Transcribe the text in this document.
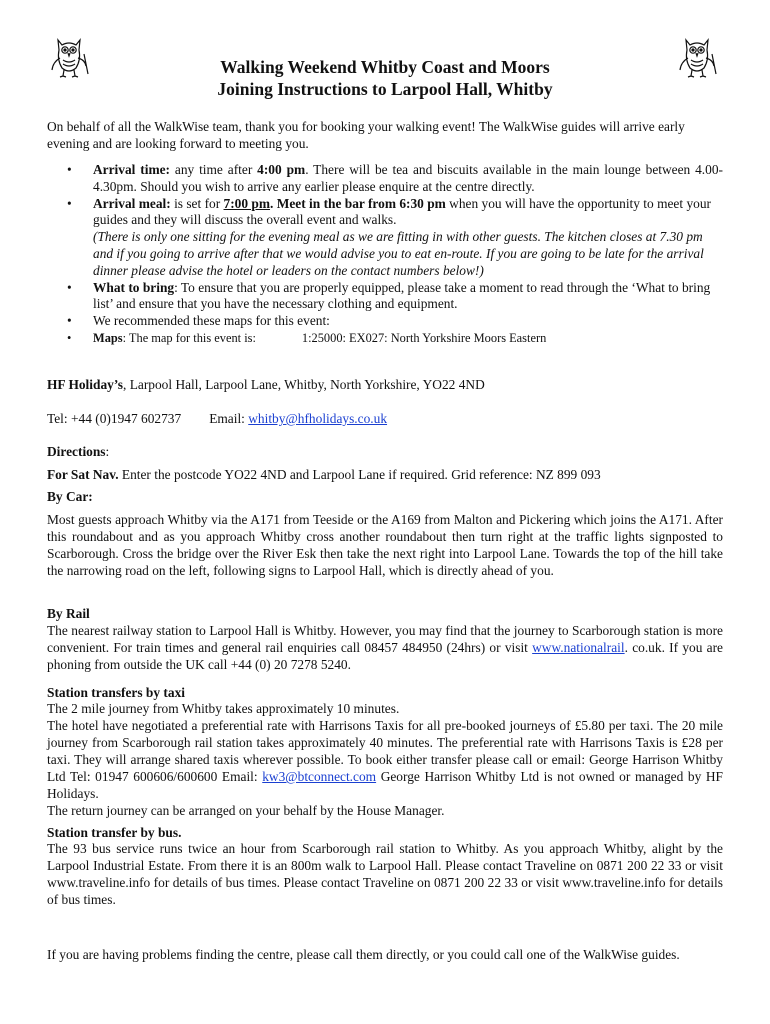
Walking Weekend Whitby Coast and Moors
Joining Instructions to Larpool Hall, Whitby
On behalf of all the WalkWise team, thank you for booking your walking event! The WalkWise guides will arrive early evening and are looking forward to meeting you.
• Arrival time: any time after 4:00 pm. There will be tea and biscuits available in the main lounge between 4.00-4.30pm. Should you wish to arrive any earlier please enquire at the centre directly.
• Arrival meal: is set for 7:00 pm. Meet in the bar from 6:30 pm when you will have the opportunity to meet your guides and they will discuss the overall event and walks.
(There is only one sitting for the evening meal as we are fitting in with other guests. The kitchen closes at 7.30 pm and if you going to arrive after that we would advise you to eat en-route. If you are going to be late for the arrival dinner please advise the hotel or leaders on the contact numbers below!)
• What to bring: To ensure that you are properly equipped, please take a moment to read through the ‘What to bring list’ and ensure that you have the necessary clothing and equipment.
• We recommended these maps for this event:
• Maps: The map for this event is:	1:25000: EX027: North Yorkshire Moors Eastern
HF Holiday’s, Larpool Hall, Larpool Lane, Whitby, North Yorkshire, YO22 4ND
Tel: +44 (0)1947 602737 Email: whitby@hfholidays.co.uk
Directions:
For Sat Nav. Enter the postcode YO22 4ND and Larpool Lane if required. Grid reference: NZ 899 093
By Car:
Most guests approach Whitby via the A171 from Teeside or the A169 from Malton and Pickering which joins the A171. After this roundabout and as you approach Whitby cross another roundabout then turn right at the traffic lights signposted to Scarborough. Cross the bridge over the River Esk then take the next right into Larpool Lane. Towards the top of the hill take the narrowing road on the left, following signs to Larpool Hall, which is directly ahead of you.
By Rail
The nearest railway station to Larpool Hall is Whitby. However, you may find that the journey to Scarborough station is more convenient. For train times and general rail enquiries call 08457 484950 (24hrs) or visit www.nationalrail. co.uk. If you are phoning from outside the UK call +44 (0) 20 7278 5240.
Station transfers by taxi
The 2 mile journey from Whitby takes approximately 10 minutes.
The hotel have negotiated a preferential rate with Harrisons Taxis for all pre-booked journeys of £5.80 per taxi. The 20 mile journey from Scarborough rail station takes approximately 40 minutes. The preferential rate with Harrisons Taxis is £28 per taxi. They will arrange shared taxis wherever possible. To book either transfer please call or email: George Harrison Whitby Ltd Tel: 01947 600606/600600 Email: kw3@btconnect.com George Harrison Whitby Ltd is not owned or managed by HF Holidays.
The return journey can be arranged on your behalf by the House Manager.
Station transfer by bus.
The 93 bus service runs twice an hour from Scarborough rail station to Whitby. As you approach Whitby, alight by the Larpool Industrial Estate. From there it is an 800m walk to Larpool Hall. Please contact Traveline on 0871 200 22 33 or visit www.traveline.info for details of bus times. Please contact Traveline on 0871 200 22 33 or visit www.traveline.info for details of bus times.
If you are having problems finding the centre, please call them directly, or you could call one of the WalkWise guides.
